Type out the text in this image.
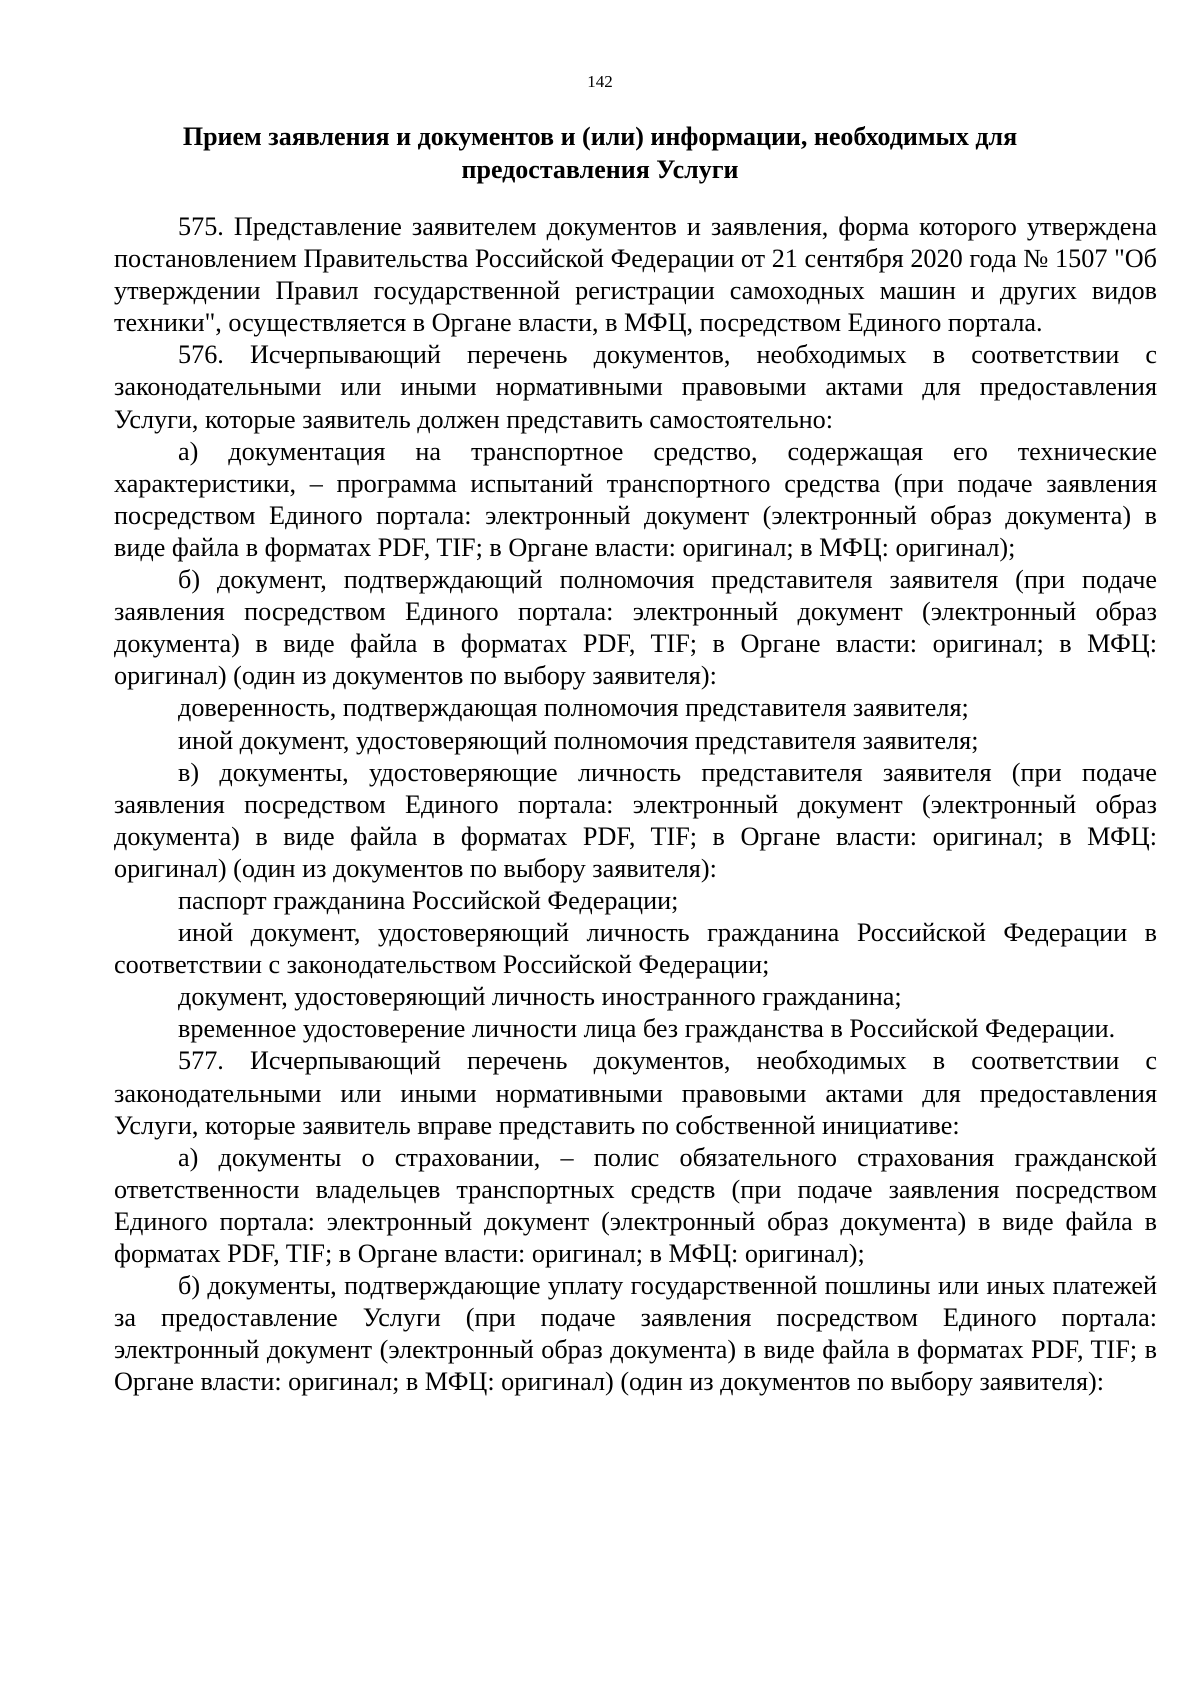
142
Прием заявления и документов и (или) информации, необходимых для
предоставления Услуги

575. Представление заявителем документов и заявления, форма которого утверждена постановлением Правительства Российской Федерации от 21 сентября 2020 года № 1507 "Об утверждении Правил государственной регистрации самоходных машин и других видов техники", осуществляется в Органе власти, в МФЦ, посредством Единого портала.

576. Исчерпывающий перечень документов, необходимых в соответствии с законодательными или иными нормативными правовыми актами для предоставления Услуги, которые заявитель должен представить самостоятельно:

а) документация на транспортное средство, содержащая его технические характеристики, – программа испытаний транспортного средства (при подаче заявления посредством Единого портала: электронный документ (электронный образ документа) в виде файла в форматах PDF, TIF; в Органе власти: оригинал; в МФЦ: оригинал);

б) документ, подтверждающий полномочия представителя заявителя (при подаче заявления посредством Единого портала: электронный документ (электронный образ документа) в виде файла в форматах PDF, TIF; в Органе власти: оригинал; в МФЦ: оригинал) (один из документов по выбору заявителя):

доверенность, подтверждающая полномочия представителя заявителя;

иной документ, удостоверяющий полномочия представителя заявителя;

в) документы, удостоверяющие личность представителя заявителя (при подаче заявления посредством Единого портала: электронный документ (электронный образ документа) в виде файла в форматах PDF, TIF; в Органе власти: оригинал; в МФЦ: оригинал) (один из документов по выбору заявителя):

паспорт гражданина Российской Федерации;

иной документ, удостоверяющий личность гражданина Российской Федерации в соответствии с законодательством Российской Федерации;

документ, удостоверяющий личность иностранного гражданина;

временное удостоверение личности лица без гражданства в Российской Федерации.

577. Исчерпывающий перечень документов, необходимых в соответствии с законодательными или иными нормативными правовыми актами для предоставления Услуги, которые заявитель вправе представить по собственной инициативе:

а) документы о страховании, – полис обязательного страхования гражданской ответственности владельцев транспортных средств (при подаче заявления посредством Единого портала: электронный документ (электронный образ документа) в виде файла в форматах PDF, TIF; в Органе власти: оригинал; в МФЦ: оригинал);

б) документы, подтверждающие уплату государственной пошлины или иных платежей за предоставление Услуги (при подаче заявления посредством Единого портала: электронный документ (электронный образ документа) в виде файла в форматах PDF, TIF; в Органе власти: оригинал; в МФЦ: оригинал) (один из документов по выбору заявителя):
